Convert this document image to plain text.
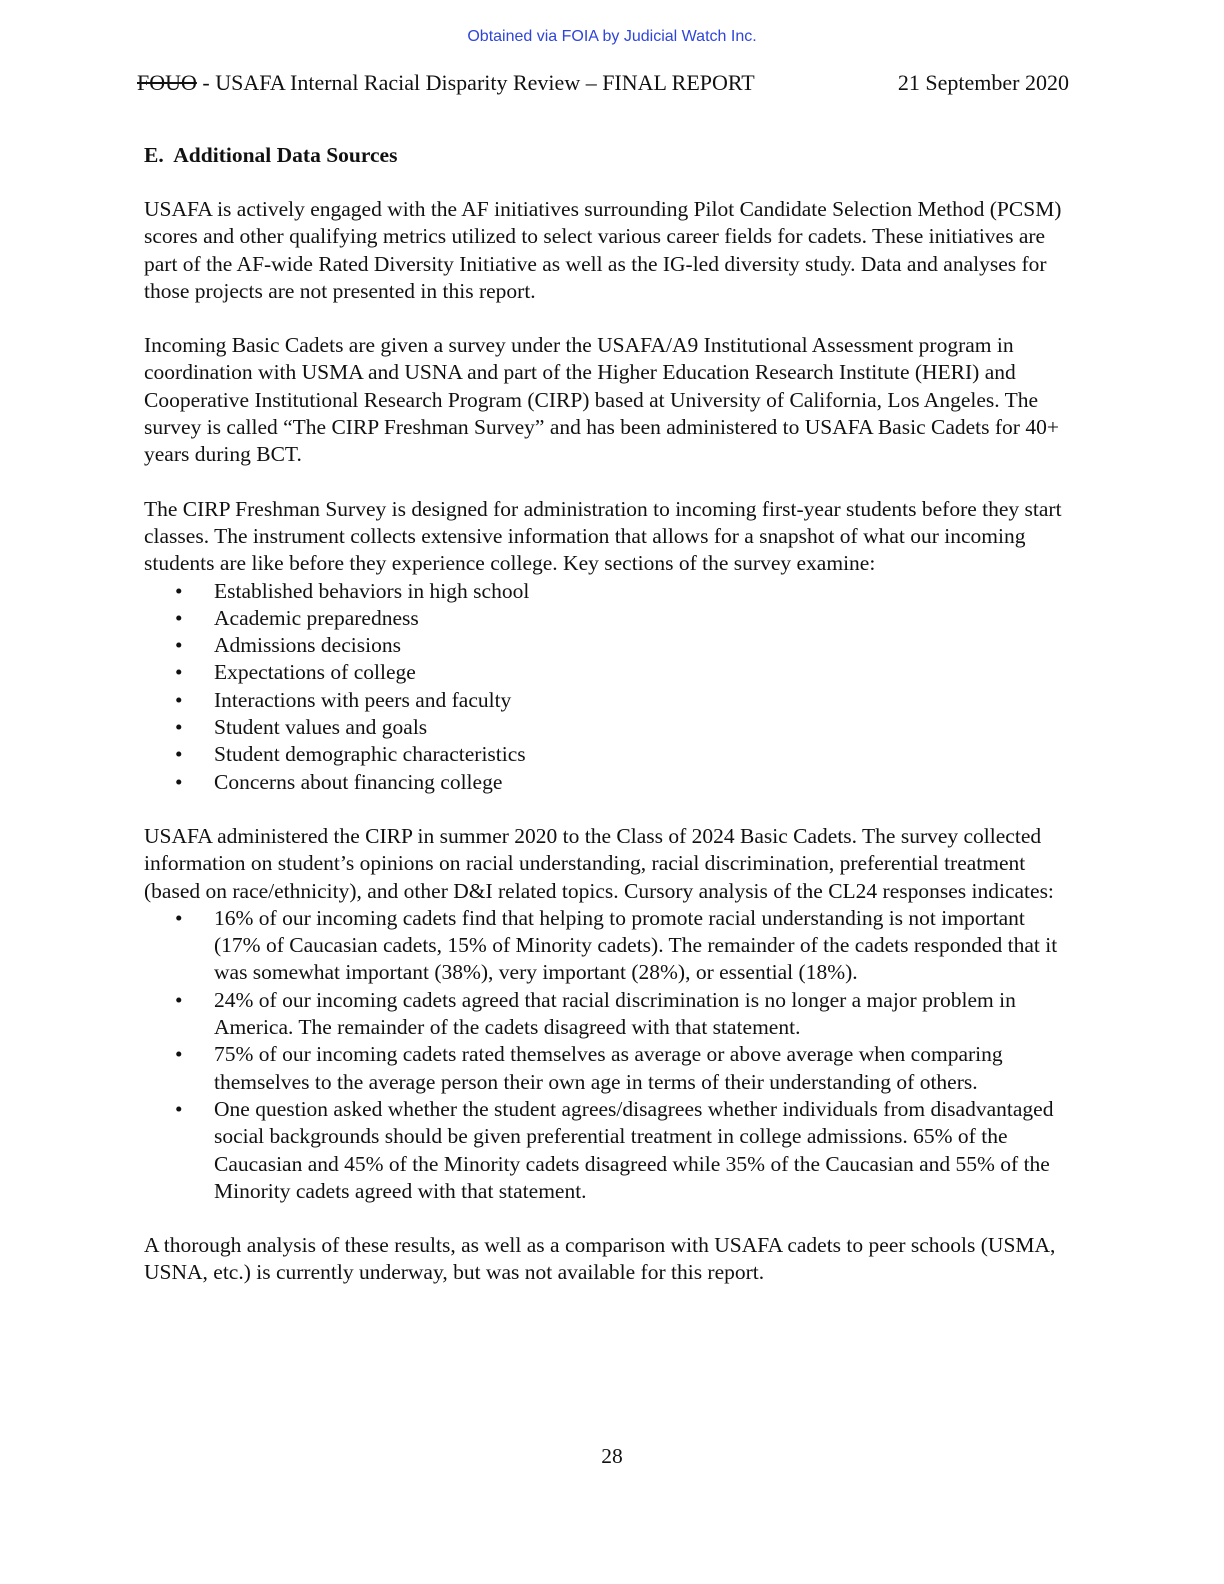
Obtained via FOIA by Judicial Watch Inc.
FOUO - USAFA Internal Racial Disparity Review – FINAL REPORT	21 September 2020
E.  Additional Data Sources

USAFA is actively engaged with the AF initiatives surrounding Pilot Candidate Selection Method (PCSM) scores and other qualifying metrics utilized to select various career fields for cadets. These initiatives are part of the AF-wide Rated Diversity Initiative as well as the IG-led diversity study. Data and analyses for those projects are not presented in this report.

Incoming Basic Cadets are given a survey under the USAFA/A9 Institutional Assessment program in coordination with USMA and USNA and part of the Higher Education Research Institute (HERI) and Cooperative Institutional Research Program (CIRP) based at University of California, Los Angeles. The survey is called “The CIRP Freshman Survey” and has been administered to USAFA Basic Cadets for 40+ years during BCT.

The CIRP Freshman Survey is designed for administration to incoming first-year students before they start classes. The instrument collects extensive information that allows for a snapshot of what our incoming students are like before they experience college. Key sections of the survey examine:

• Established behaviors in high school
• Academic preparedness
• Admissions decisions
• Expectations of college
• Interactions with peers and faculty
• Student values and goals
• Student demographic characteristics
• Concerns about financing college

USAFA administered the CIRP in summer 2020 to the Class of 2024 Basic Cadets. The survey collected information on student’s opinions on racial understanding, racial discrimination, preferential treatment (based on race/ethnicity), and other D&I related topics. Cursory analysis of the CL24 responses indicates:

• 16% of our incoming cadets find that helping to promote racial understanding is not important (17% of Caucasian cadets, 15% of Minority cadets). The remainder of the cadets responded that it was somewhat important (38%), very important (28%), or essential (18%).
• 24% of our incoming cadets agreed that racial discrimination is no longer a major problem in America. The remainder of the cadets disagreed with that statement.
• 75% of our incoming cadets rated themselves as average or above average when comparing themselves to the average person their own age in terms of their understanding of others.
• One question asked whether the student agrees/disagrees whether individuals from disadvantaged social backgrounds should be given preferential treatment in college admissions. 65% of the Caucasian and 45% of the Minority cadets disagreed while 35% of the Caucasian and 55% of the Minority cadets agreed with that statement.

A thorough analysis of these results, as well as a comparison with USAFA cadets to peer schools (USMA, USNA, etc.) is currently underway, but was not available for this report.

28
